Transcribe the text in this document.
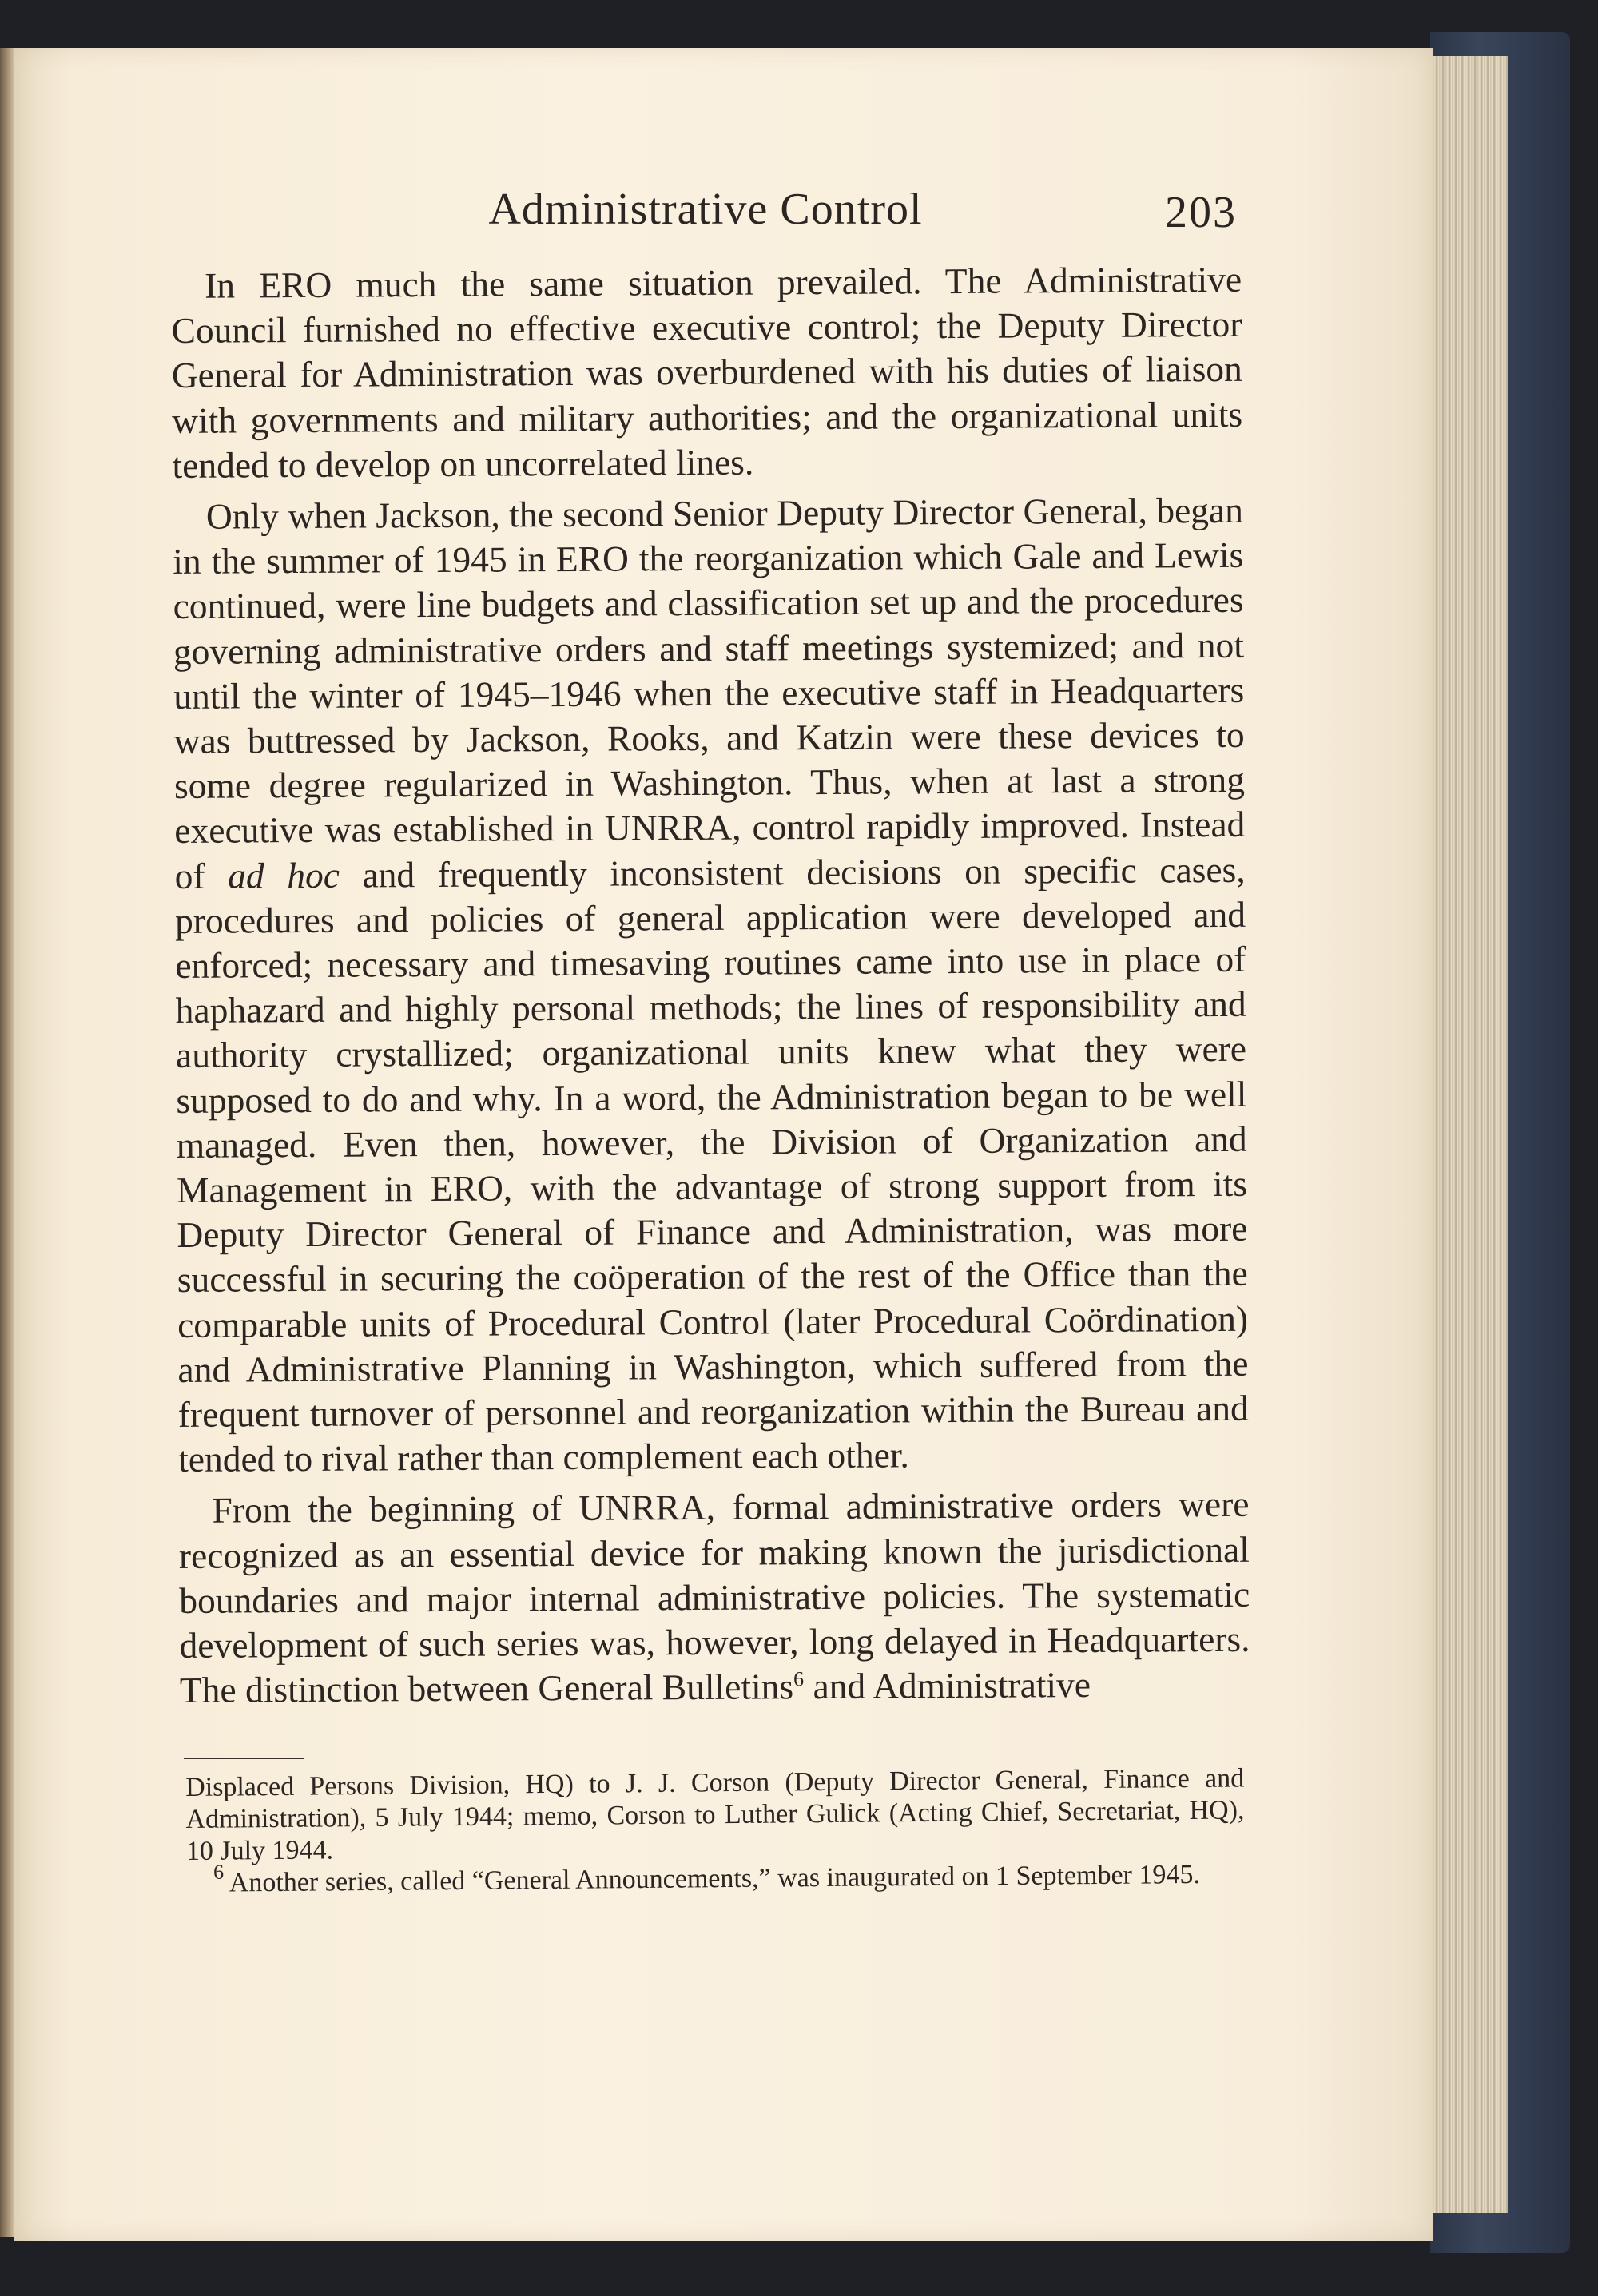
Administrative Control	203

In ERO much the same situation prevailed. The Administrative Council furnished no effective executive control; the Deputy Director General for Administration was overburdened with his duties of liaison with governments and military authorities; and the organizational units tended to develop on uncorrelated lines.

Only when Jackson, the second Senior Deputy Director General, began in the summer of 1945 in ERO the reorganization which Gale and Lewis continued, were line budgets and classification set up and the procedures governing administrative orders and staff meetings systemized; and not until the winter of 1945–1946 when the executive staff in Headquarters was buttressed by Jackson, Rooks, and Katzin were these devices to some degree regularized in Washington. Thus, when at last a strong executive was established in UNRRA, control rapidly improved. Instead of ad hoc and frequently inconsistent decisions on specific cases, procedures and policies of general application were developed and enforced; necessary and timesaving routines came into use in place of haphazard and highly personal methods; the lines of responsibility and authority crystallized; organizational units knew what they were supposed to do and why. In a word, the Administration began to be well managed. Even then, however, the Division of Organization and Management in ERO, with the advantage of strong support from its Deputy Director General of Finance and Administration, was more successful in securing the coöperation of the rest of the Office than the comparable units of Procedural Control (later Procedural Coördination) and Administrative Planning in Washington, which suffered from the frequent turnover of personnel and reorganization within the Bureau and tended to rival rather than complement each other.

From the beginning of UNRRA, formal administrative orders were recognized as an essential device for making known the jurisdictional boundaries and major internal administrative policies. The systematic development of such series was, however, long delayed in Headquarters. The distinction between General Bulletins$^6$ and Administrative

Displaced Persons Division, HQ) to J. J. Corson (Deputy Director General, Finance and Administration), 5 July 1944; memo, Corson to Luther Gulick (Acting Chief, Secretariat, HQ), 10 July 1944.

$^6$ Another series, called “General Announcements,” was inaugurated on 1 September 1945.
